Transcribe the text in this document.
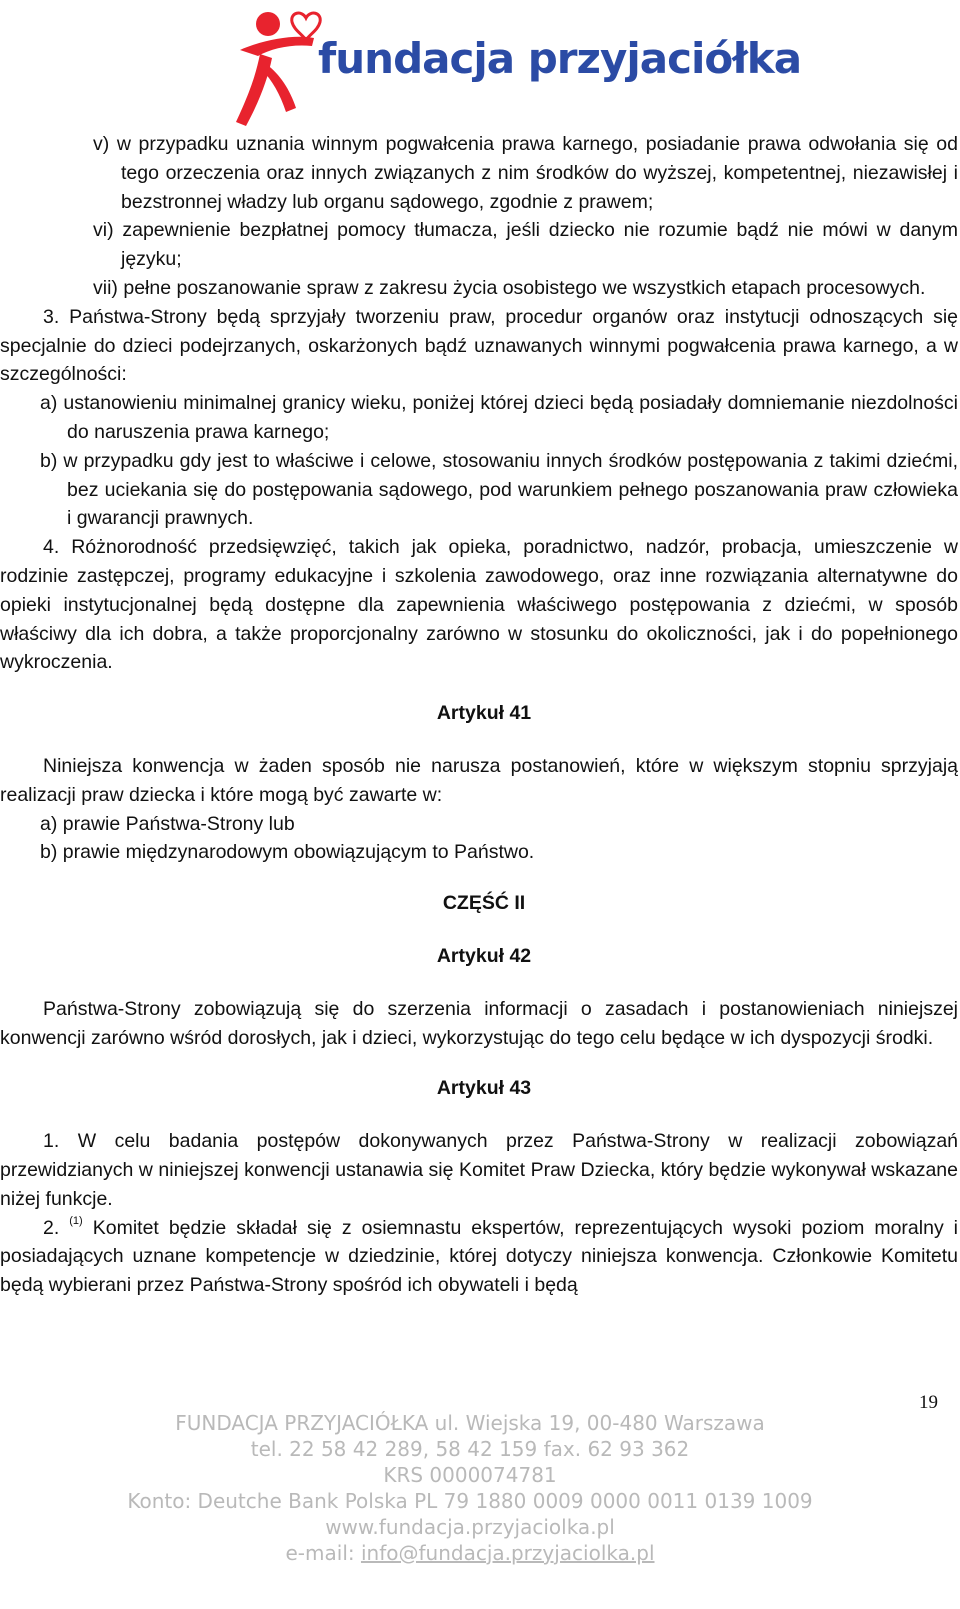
fundacja przyjaciółka

v) w przypadku uznania winnym pogwałcenia prawa karnego, posiadanie prawa odwołania się od tego orzeczenia oraz innych związanych z nim środków do wyższej, kompetentnej, niezawisłej i bezstronnej władzy lub organu sądowego, zgodnie z prawem;

vi) zapewnienie bezpłatnej pomocy tłumacza, jeśli dziecko nie rozumie bądź nie mówi w danym języku;

vii) pełne poszanowanie spraw z zakresu życia osobistego we wszystkich etapach procesowych.

3. Państwa-Strony będą sprzyjały tworzeniu praw, procedur organów oraz instytucji odnoszących się specjalnie do dzieci podejrzanych, oskarżonych bądź uznawanych winnymi pogwałcenia prawa karnego, a w szczególności:

a) ustanowieniu minimalnej granicy wieku, poniżej której dzieci będą posiadały domniemanie niezdolności do naruszenia prawa karnego;

b) w przypadku gdy jest to właściwe i celowe, stosowaniu innych środków postępowania z takimi dziećmi, bez uciekania się do postępowania sądowego, pod warunkiem pełnego poszanowania praw człowieka i gwarancji prawnych.

4. Różnorodność przedsięwzięć, takich jak opieka, poradnictwo, nadzór, probacja, umieszczenie w rodzinie zastępczej, programy edukacyjne i szkolenia zawodowego, oraz inne rozwiązania alternatywne do opieki instytucjonalnej będą dostępne dla zapewnienia właściwego postępowania z dziećmi, w sposób właściwy dla ich dobra, a także proporcjonalny zarówno w stosunku do okoliczności, jak i do popełnionego wykroczenia.

Artykuł 41

Niniejsza konwencja w żaden sposób nie narusza postanowień, które w większym stopniu sprzyjają realizacji praw dziecka i które mogą być zawarte w:

a) prawie Państwa-Strony lub

b) prawie międzynarodowym obowiązującym to Państwo.

CZĘŚĆ II

Artykuł 42

Państwa-Strony zobowiązują się do szerzenia informacji o zasadach i postanowieniach niniejszej konwencji zarówno wśród dorosłych, jak i dzieci, wykorzystując do tego celu będące w ich dyspozycji środki.

Artykuł 43

1. W celu badania postępów dokonywanych przez Państwa-Strony w realizacji zobowiązań przewidzianych w niniejszej konwencji ustanawia się Komitet Praw Dziecka, który będzie wykonywał wskazane niżej funkcje.

2. $^{(1)}$ Komitet będzie składał się z osiemnastu ekspertów, reprezentujących wysoki poziom moralny i posiadających uznane kompetencje w dziedzinie, której dotyczy niniejsza konwencja. Członkowie Komitetu będą wybierani przez Państwa-Strony spośród ich obywateli i będą

19
FUNDACJA PRZYJACIÓŁKA ul. Wiejska 19, 00-480 Warszawa
tel. 22 58 42 289, 58 42 159 fax. 62 93 362
KRS 0000074781
Konto: Deutche Bank Polska PL 79 1880 0009 0000 0011 0139 1009
www.fundacja.przyjaciolka.pl
e-mail: info@fundacja.przyjaciolka.pl
